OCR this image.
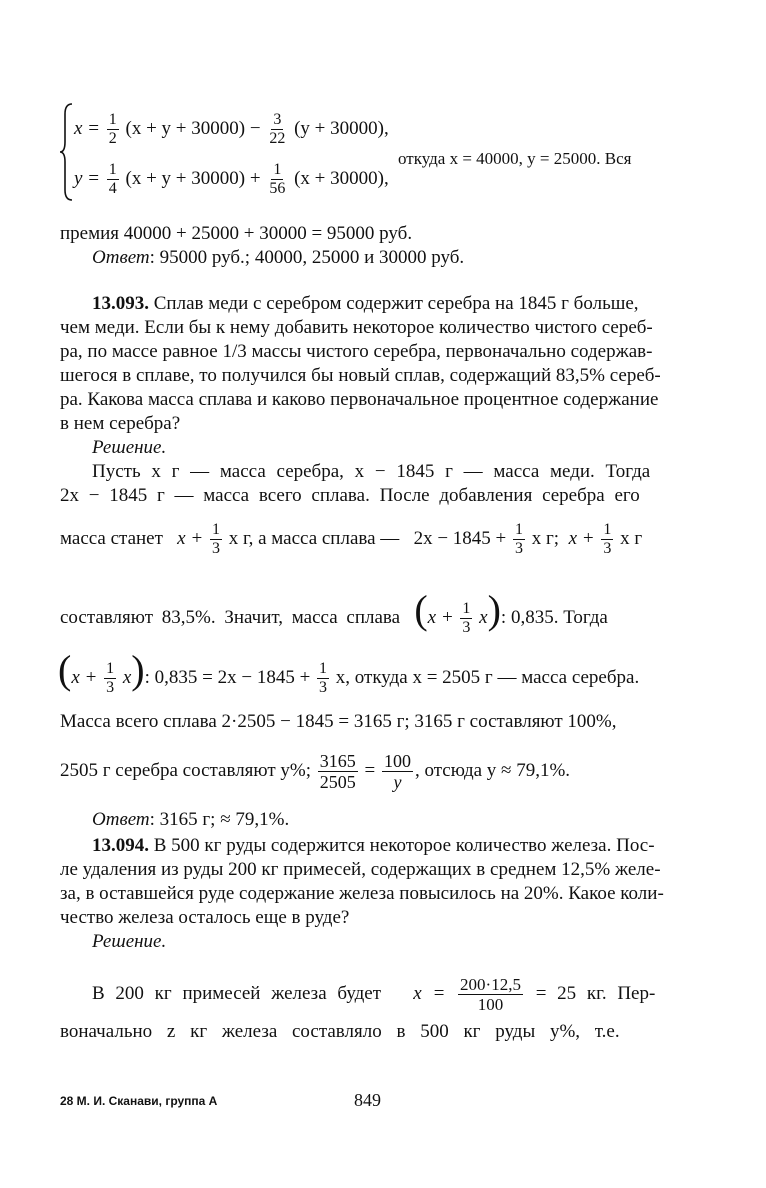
$x = \frac{1}{2} (x + y + 30000) - \frac{3}{22} (y + 30000)$,
$y = \frac{1}{4} (x + y + 30000) + \frac{1}{56} (x + 30000)$,
откуда x = 40000, y = 25000. Вся
премия 40000 + 25000 + 30000 = 95000 руб.
Ответ: 95000 руб.; 40000, 25000 и 30000 руб.
13.093. Сплав меди с серебром содержит серебра на 1845 г больше,
чем меди. Если бы к нему добавить некоторое количество чистого сереб-
ра, по массе равное 1/3 массы чистого серебра, первоначально содержав-
шегося в сплаве, то получился бы новый сплав, содержащий 83,5% сереб-
ра. Какова масса сплава и каково первоначальное процентное содержание
в нем серебра?
Решение.
Пусть x г — масса серебра, x − 1845 г — масса меди. Тогда
2x − 1845 г — масса всего сплава. После добавления серебра его
масса станет $x + \frac{1}{3}$ x г, а масса сплава — $2x - 1845 + \frac{1}{3}$ x г; $x + \frac{1}{3}$ x г
составляют 83,5%. Значит, масса сплава $(x + \frac{1}{3} x)$: 0,835. Тогда
$(x + \frac{1}{3} x)$: $0,835 = 2x - 1845 + \frac{1}{3} x$, откуда x = 2505 г — масса серебра.
Масса всего сплава 2·2505 − 1845 = 3165 г; 3165 г составляют 100%,
2505 г серебра составляют y%; $\frac{3165}{2505} = \frac{100}{y}$ , отсюда y ≈ 79,1%.
Ответ: 3165 г; ≈ 79,1%.
13.094. В 500 кг руды содержится некоторое количество железа. Пос-
ле удаления из руды 200 кг примесей, содержащих в среднем 12,5% желе-
за, в оставшейся руде содержание железа повысилось на 20%. Какое коли-
чество железа осталось еще в руде?
Решение.
В 200 кг примесей железа будет $x = \frac{200\cdot 12,5}{100} = 25$ кг. Пер-
воначально z кг железа составляло в 500 кг руды y%, т.е.
28 М. И. Сканави, группа А	849
